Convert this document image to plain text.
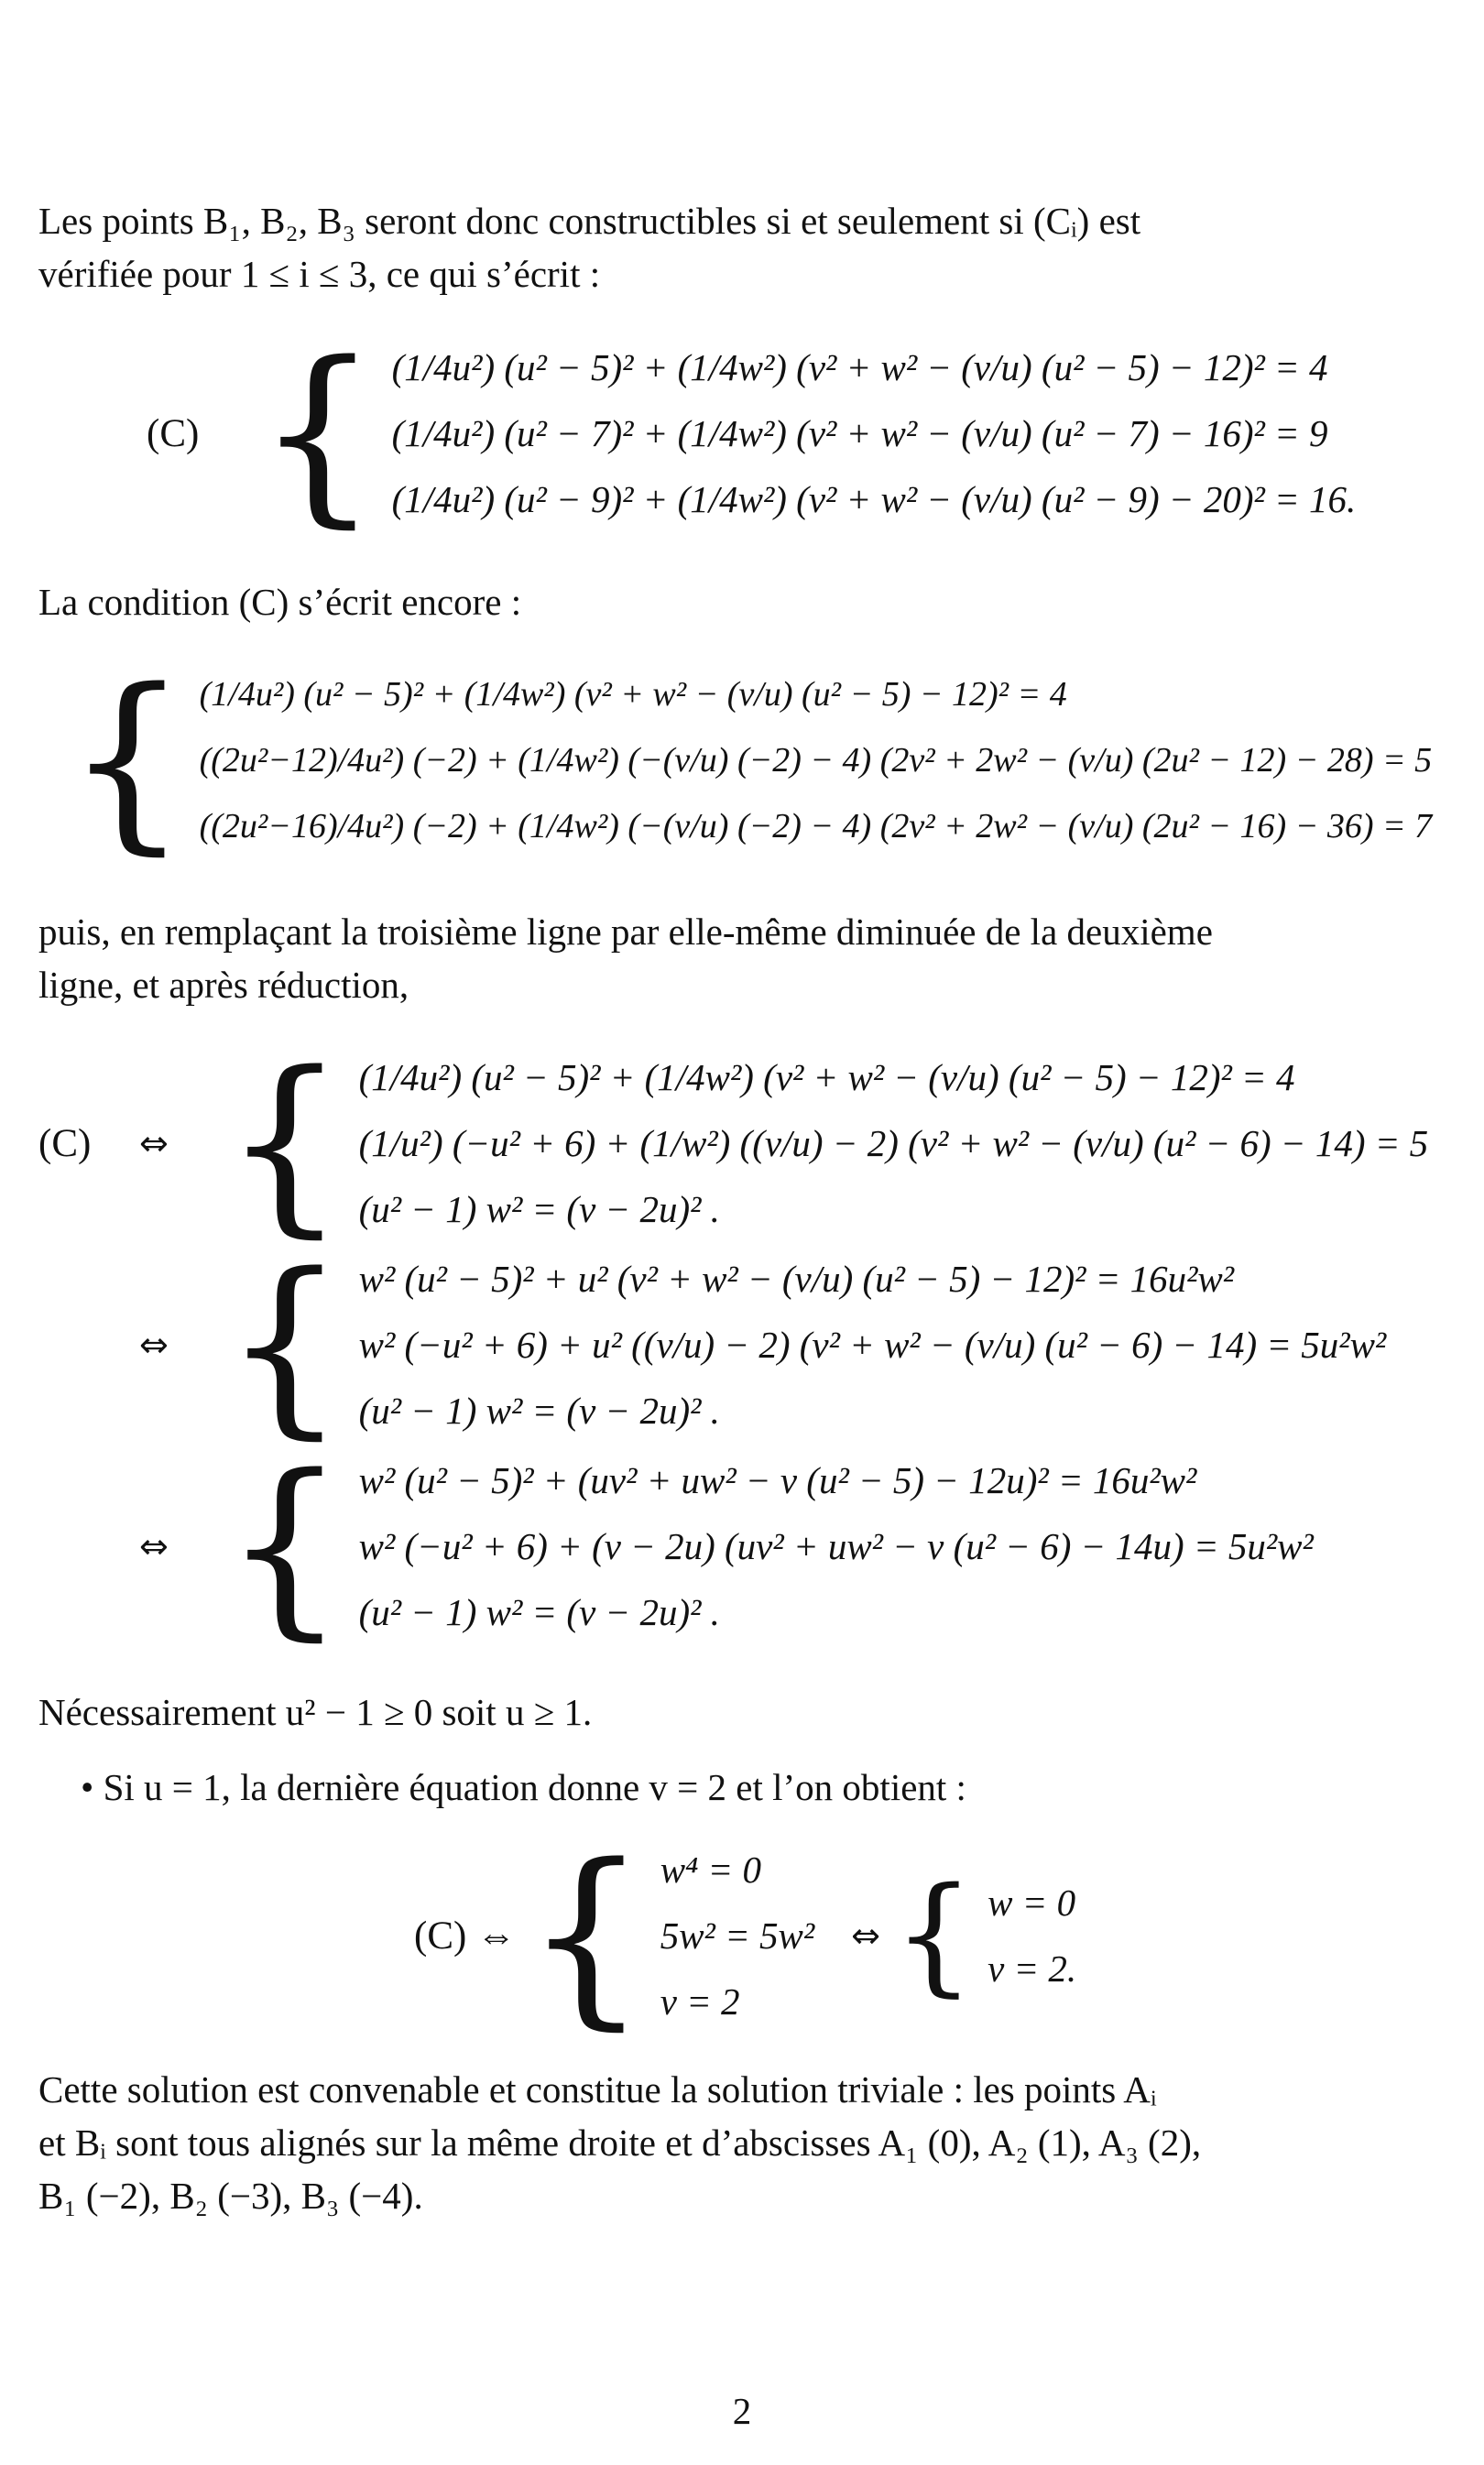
Les points B₁, B₂, B₃ seront donc constructibles si et seulement si (Cᵢ) est
vérifiée pour 1 ≤ i ≤ 3, ce qui s’écrit :
(C) { (1/4u²) (u² − 5)² + (1/4w²) (v² + w² − (v/u) (u² − 5) − 12)² = 4
(1/4u²) (u² − 7)² + (1/4w²) (v² + w² − (v/u) (u² − 7) − 16)² = 9
(1/4u²) (u² − 9)² + (1/4w²) (v² + w² − (v/u) (u² − 9) − 20)² = 16.
La condition (C) s’écrit encore :
{ (1/4u²) (u² − 5)² + (1/4w²) (v² + w² − (v/u) (u² − 5) − 12)² = 4
((2u²−12)/4u²) (−2) + (1/4w²) (−(v/u) (−2) − 4) (2v² + 2w² − (v/u) (2u² − 12) − 28) = 5
((2u²−16)/4u²) (−2) + (1/4w²) (−(v/u) (−2) − 4) (2v² + 2w² − (v/u) (2u² − 16) − 36) = 7
puis, en remplaçant la troisième ligne par elle-même diminuée de la deuxième
ligne, et après réduction,
(C)	⇔ { (1/4u²) (u² − 5)² + (1/4w²) (v² + w² − (v/u) (u² − 5) − 12)² = 4
(1/u²) (−u² + 6) + (1/w²) ((v/u) − 2) (v² + w² − (v/u) (u² − 6) − 14) = 5
(u² − 1) w² = (v − 2u)² .
⇔ { w² (u² − 5)² + u² (v² + w² − (v/u) (u² − 5) − 12)² = 16u²w²
w² (−u² + 6) + u² ((v/u) − 2) (v² + w² − (v/u) (u² − 6) − 14) = 5u²w²
(u² − 1) w² = (v − 2u)² .
⇔ { w² (u² − 5)² + (uv² + uw² − v (u² − 5) − 12u)² = 16u²w²
w² (−u² + 6) + (v − 2u) (uv² + uw² − v (u² − 6) − 14u) = 5u²w²
(u² − 1) w² = (v − 2u)² .
Nécessairement u² − 1 ≥ 0 soit u ≥ 1.
• Si u = 1, la dernière équation donne v = 2 et l’on obtient :
(C) ⇔ { w⁴ = 0
5w² = 5w²
v = 2
⇔ { w = 0
v = 2.
Cette solution est convenable et constitue la solution triviale : les points Aᵢ
et Bᵢ sont tous alignés sur la même droite et d’abscisses A₁ (0), A₂ (1), A₃ (2),
B₁ (−2), B₂ (−3), B₃ (−4).
2
